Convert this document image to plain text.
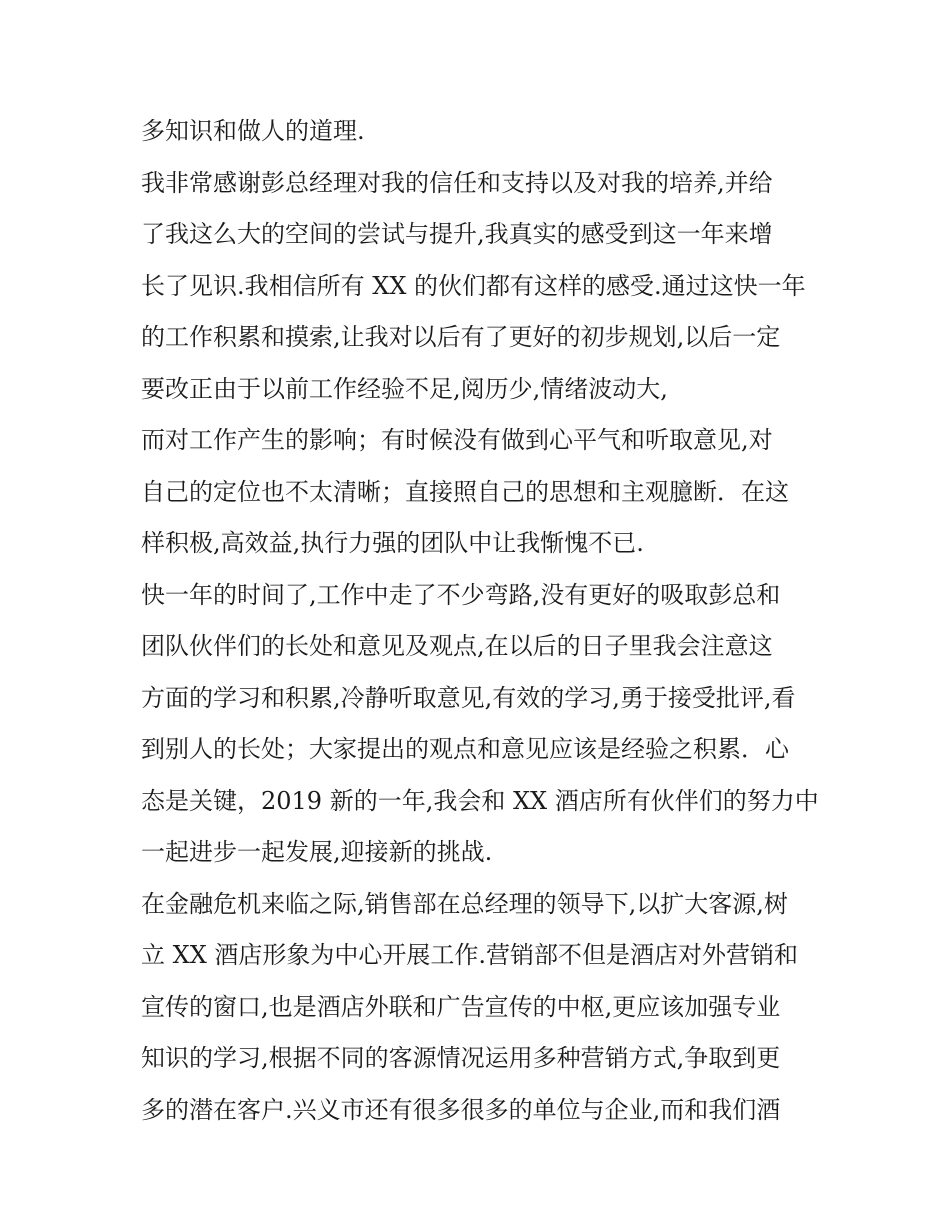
多知识和做人的道理.
我非常感谢彭总经理对我的信任和支持以及对我的培养,并给
了我这么大的空间的尝试与提升,我真实的感受到这一年来增
长了见识.我相信所有 XX 的伙们都有这样的感受.通过这快一年
的工作积累和摸索,让我对以后有了更好的初步规划,以后一定
要改正由于以前工作经验不足,阅历少,情绪波动大,
而对工作产生的影响；有时候没有做到心平气和听取意见,对
自己的定位也不太清晰；直接照自己的思想和主观臆断．在这
样积极,高效益,执行力强的团队中让我惭愧不已.
快一年的时间了,工作中走了不少弯路,没有更好的吸取彭总和
团队伙伴们的长处和意见及观点,在以后的日子里我会注意这
方面的学习和积累,冷静听取意见,有效的学习,勇于接受批评,看
到别人的长处；大家提出的观点和意见应该是经验之积累．心
态是关键，2019 新的一年,我会和 XX 酒店所有伙伴们的努力中
一起进步一起发展,迎接新的挑战.
在金融危机来临之际,销售部在总经理的领导下,以扩大客源,树
立 XX 酒店形象为中心开展工作.营销部不但是酒店对外营销和
宣传的窗口,也是酒店外联和广告宣传的中枢,更应该加强专业
知识的学习,根据不同的客源情况运用多种营销方式,争取到更
多的潜在客户.兴义市还有很多很多的单位与企业,而和我们酒
